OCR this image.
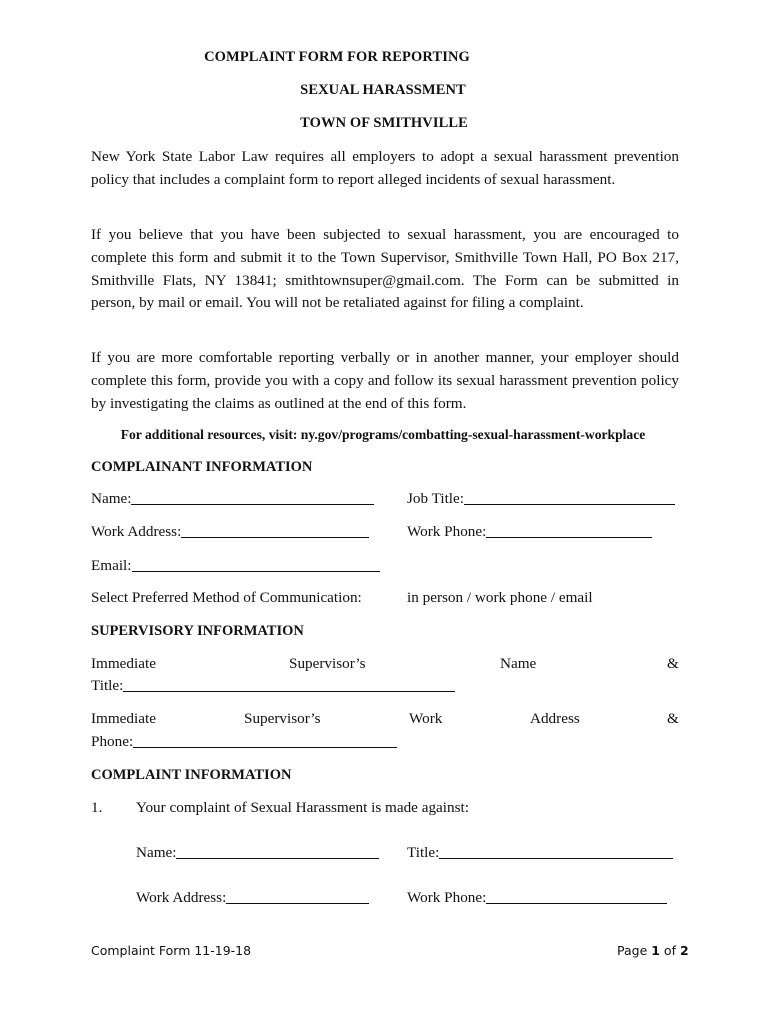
COMPLAINT FORM FOR REPORTING
SEXUAL HARASSMENT
TOWN OF SMITHVILLE
New York State Labor Law requires all employers to adopt a sexual harassment prevention policy that includes a complaint form to report alleged incidents of sexual harassment.
If you believe that you have been subjected to sexual harassment, you are encouraged to complete this form and submit it to the Town Supervisor, Smithville Town Hall, PO Box 217, Smithville Flats, NY 13841; smithtownsuper@gmail.com. The Form can be submitted in person, by mail or email. You will not be retaliated against for filing a complaint.
If you are more comfortable reporting verbally or in another manner, your employer should complete this form, provide you with a copy and follow its sexual harassment prevention policy by investigating the claims as outlined at the end of this form.
For additional resources, visit: ny.gov/programs/combatting-sexual-harassment-workplace
COMPLAINANT INFORMATION
Name:	Job Title:
Work Address:	Work Phone:
Email:
Select Preferred Method of Communication:	in person / work phone / email
SUPERVISORY INFORMATION
Immediate	Supervisor’s	Name	&
Title:
Immediate	Supervisor’s	Work	Address	&
Phone:
COMPLAINT INFORMATION
1. Your complaint of Sexual Harassment is made against:
Name:	Title:
Work Address:	Work Phone:
Complaint Form 11-19-18	Page 1 of 2
